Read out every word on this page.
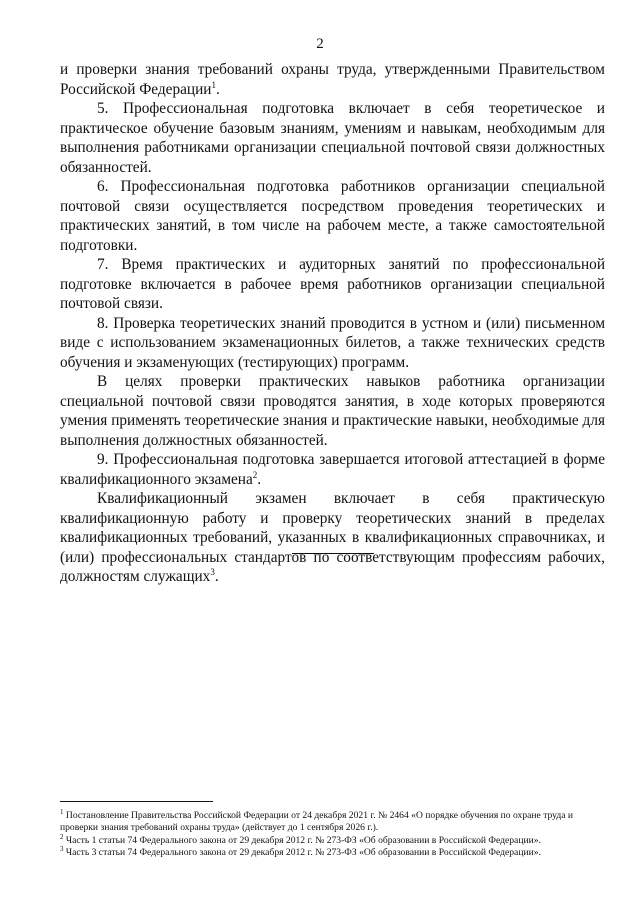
2

и проверки знания требований охраны труда, утвержденными Правительством Российской Федерации$^1$.

5. Профессиональная подготовка включает в себя теоретическое и практическое обучение базовым знаниям, умениям и навыкам, необходимым для выполнения работниками организации специальной почтовой связи должностных обязанностей.

6. Профессиональная подготовка работников организации специальной почтовой связи осуществляется посредством проведения теоретических и практических занятий, в том числе на рабочем месте, а также самостоятельной подготовки.

7. Время практических и аудиторных занятий по профессиональной подготовке включается в рабочее время работников организации специальной почтовой связи.

8. Проверка теоретических знаний проводится в устном и (или) письменном виде с использованием экзаменационных билетов, а также технических средств обучения и экзаменующих (тестирующих) программ.

В целях проверки практических навыков работника организации специальной почтовой связи проводятся занятия, в ходе которых проверяются умения применять теоретические знания и практические навыки, необходимые для выполнения должностных обязанностей.

9. Профессиональная подготовка завершается итоговой аттестацией в форме квалификационного экзамена$^2$.

Квалификационный экзамен включает в себя практическую квалификационную работу и проверку теоретических знаний в пределах квалификационных требований, указанных в квалификационных справочниках, и (или) профессиональных стандартов по соответствующим профессиям рабочих, должностям служащих$^3$.

$^1$ Постановление Правительства Российской Федерации от 24 декабря 2021 г. № 2464 «О порядке обучения по охране труда и проверки знания требований охраны труда» (действует до 1 сентября 2026 г.).

$^2$ Часть 1 статьи 74 Федерального закона от 29 декабря 2012 г. № 273-ФЗ «Об образовании в Российской Федерации».

$^3$ Часть 3 статьи 74 Федерального закона от 29 декабря 2012 г. № 273-ФЗ «Об образовании в Российской Федерации».
